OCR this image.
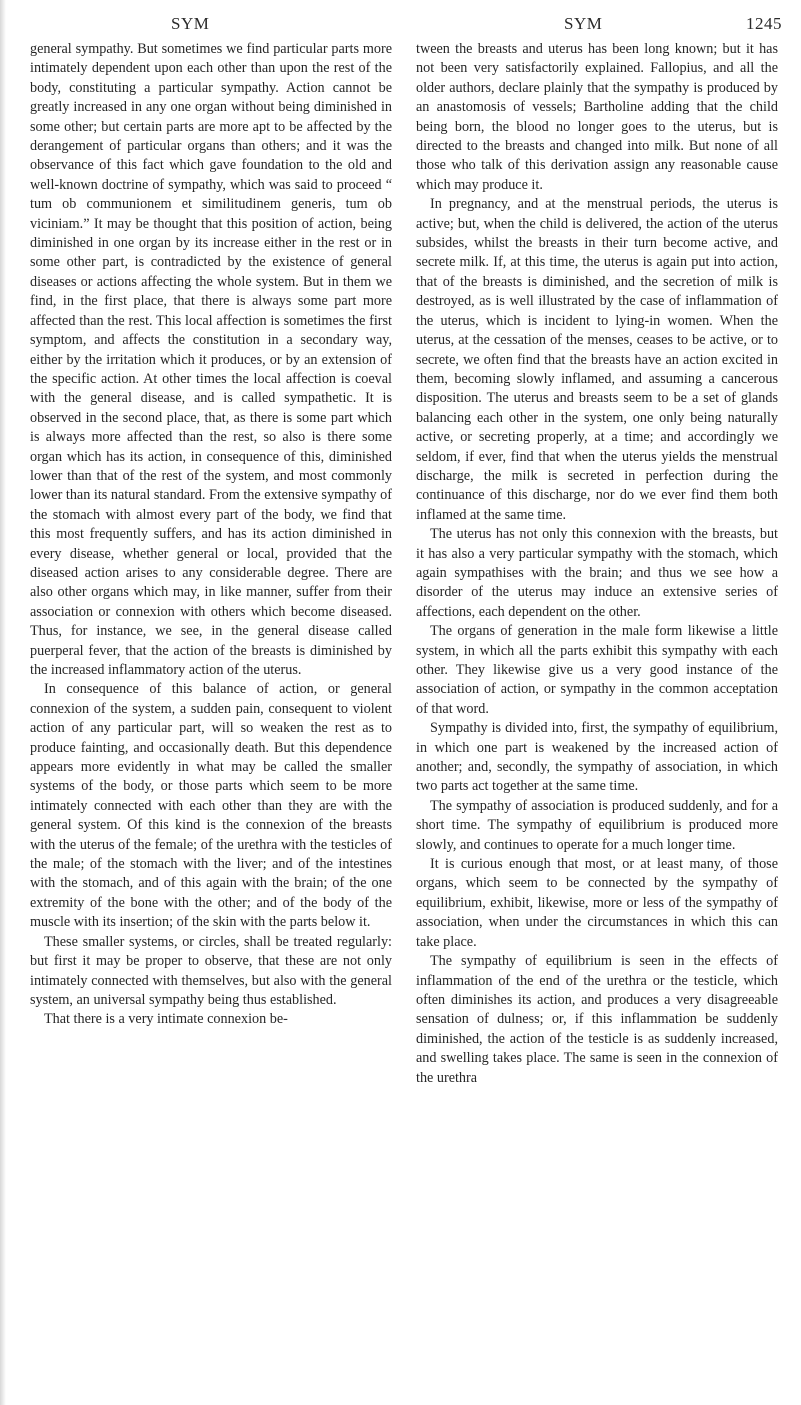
SYM	SYM	1245

general sympathy. But sometimes we find particular parts more intimately dependent upon each other than upon the rest of the body, constituting a particular sympathy. Action cannot be greatly increased in any one organ without being diminished in some other; but certain parts are more apt to be affected by the derangement of particular organs than others; and it was the observance of this fact which gave foundation to the old and well-known doctrine of sympathy, which was said to proceed “ tum ob communionem et similitudinem generis, tum ob viciniam.” It may be thought that this position of action, being diminished in one organ by its increase either in the rest or in some other part, is contradicted by the existence of general diseases or actions affecting the whole system. But in them we find, in the first place, that there is always some part more affected than the rest. This local affection is sometimes the first symptom, and affects the constitution in a secondary way, either by the irritation which it produces, or by an extension of the specific action. At other times the local affection is coeval with the general disease, and is called sympathetic. It is observed in the second place, that, as there is some part which is always more affected than the rest, so also is there some organ which has its action, in consequence of this, diminished lower than that of the rest of the system, and most commonly lower than its natural standard. From the extensive sympathy of the stomach with almost every part of the body, we find that this most frequently suffers, and has its action diminished in every disease, whether general or local, provided that the diseased action arises to any considerable degree. There are also other organs which may, in like manner, suffer from their association or connexion with others which become diseased. Thus, for instance, we see, in the general disease called puerperal fever, that the action of the breasts is diminished by the increased inflammatory action of the uterus.

In consequence of this balance of action, or general connexion of the system, a sudden pain, consequent to violent action of any particular part, will so weaken the rest as to produce fainting, and occasionally death. But this dependence appears more evidently in what may be called the smaller systems of the body, or those parts which seem to be more intimately connected with each other than they are with the general system. Of this kind is the connexion of the breasts with the uterus of the female; of the urethra with the testicles of the male; of the stomach with the liver; and of the intestines with the stomach, and of this again with the brain; of the one extremity of the bone with the other; and of the body of the muscle with its insertion; of the skin with the parts below it.

These smaller systems, or circles, shall be treated regularly: but first it may be proper to observe, that these are not only intimately connected with themselves, but also with the general system, an universal sympathy being thus established.

That there is a very intimate connexion be-

tween the breasts and uterus has been long known; but it has not been very satisfactorily explained. Fallopius, and all the older authors, declare plainly that the sympathy is produced by an anastomosis of vessels; Bartholine adding that the child being born, the blood no longer goes to the uterus, but is directed to the breasts and changed into milk. But none of all those who talk of this derivation assign any reasonable cause which may produce it.

In pregnancy, and at the menstrual periods, the uterus is active; but, when the child is delivered, the action of the uterus subsides, whilst the breasts in their turn become active, and secrete milk. If, at this time, the uterus is again put into action, that of the breasts is diminished, and the secretion of milk is destroyed, as is well illustrated by the case of inflammation of the uterus, which is incident to lying-in women. When the uterus, at the cessation of the menses, ceases to be active, or to secrete, we often find that the breasts have an action excited in them, becoming slowly inflamed, and assuming a cancerous disposition. The uterus and breasts seem to be a set of glands balancing each other in the system, one only being naturally active, or secreting properly, at a time; and accordingly we seldom, if ever, find that when the uterus yields the menstrual discharge, the milk is secreted in perfection during the continuance of this discharge, nor do we ever find them both inflamed at the same time.

The uterus has not only this connexion with the breasts, but it has also a very particular sympathy with the stomach, which again sympathises with the brain; and thus we see how a disorder of the uterus may induce an extensive series of affections, each dependent on the other.

The organs of generation in the male form likewise a little system, in which all the parts exhibit this sympathy with each other. They likewise give us a very good instance of the association of action, or sympathy in the common acceptation of that word.

Sympathy is divided into, first, the sympathy of equilibrium, in which one part is weakened by the increased action of another; and, secondly, the sympathy of association, in which two parts act together at the same time.

The sympathy of association is produced suddenly, and for a short time. The sympathy of equilibrium is produced more slowly, and continues to operate for a much longer time.

It is curious enough that most, or at least many, of those organs, which seem to be connected by the sympathy of equilibrium, exhibit, likewise, more or less of the sympathy of association, when under the circumstances in which this can take place.

The sympathy of equilibrium is seen in the effects of inflammation of the end of the urethra or the testicle, which often diminishes its action, and produces a very disagreeable sensation of dulness; or, if this inflammation be suddenly diminished, the action of the testicle is as suddenly increased, and swelling takes place. The same is seen in the connexion of the urethra
